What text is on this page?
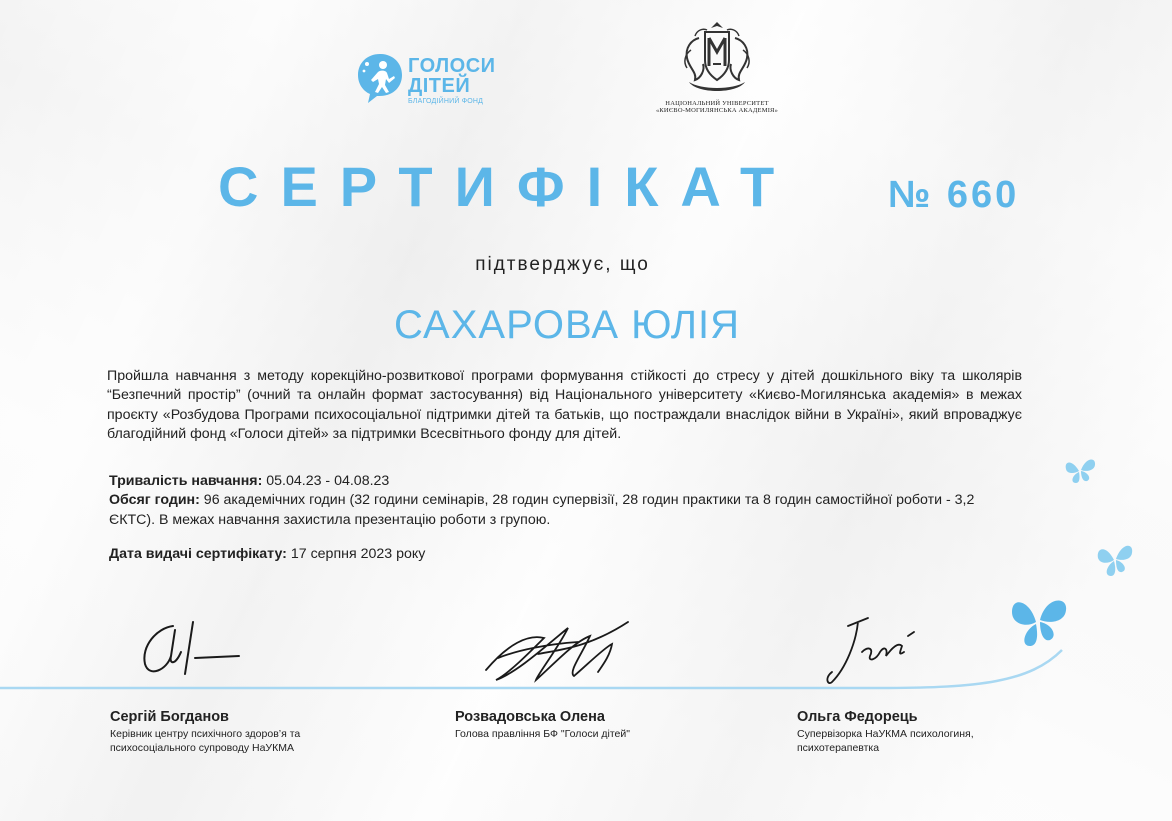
ГОЛОСИ
ДІТЕЙ
БЛАГОДІЙНИЙ ФОНД	НАЦІОНАЛЬНИЙ УНІВЕРСИТЕТ
«КИЄВО-МОГИЛЯНСЬКА АКАДЕМІЯ»
СЕРТИФІКАТ № 660
підтверджує, що
САХАРОВА ЮЛІЯ
Пройшла навчання з методу корекційно-розвиткової програми формування стійкості до стресу у дітей дошкільного віку та школярів “Безпечний простір” (очний та онлайн формат застосування) від Національного університету «Києво-Могилянська академія» в межах проєкту «Розбудова Програми психосоціальної підтримки дітей та батьків, що постраждали внаслідок війни в Україні», який впроваджує благодійний фонд «Голоси дітей» за підтримки Всесвітнього фонду для дітей.
Тривалість навчання: 05.04.23 - 04.08.23
Обсяг годин: 96 академічних годин (32 години семінарів, 28 годин супервізії, 28 годин практики та 8 годин самостійної роботи - 3,2 ЄКТС). В межах навчання захистила презентацію роботи з групою.
Дата видачі сертифікату: 17 серпня 2023 року
Сергій Богданов
Керівник центру психічного здоров’я та психосоціального супроводу НаУКМА
Розвадовська Олена
Голова правління БФ "Голоси дітей"
Ольга Федорець
Супервізорка НаУКМА психологиня, психотерапевтка
